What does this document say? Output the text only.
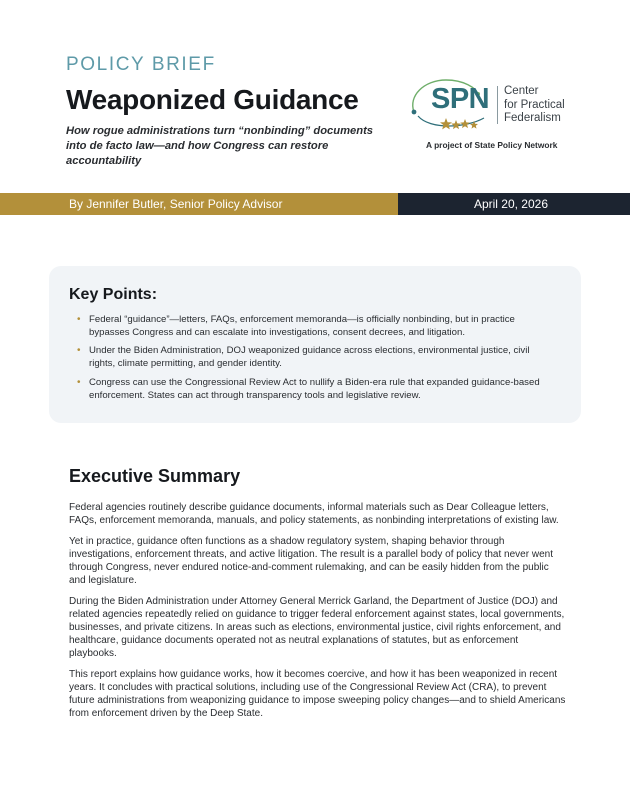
POLICY BRIEF
Weaponized Guidance
How rogue administrations turn “nonbinding” documents into de facto law—and how Congress can restore accountability
SPN Center
for Practical
Federalism
A project of State Policy Network
By Jennifer Butler, Senior Policy Advisor	April 20, 2026
Key Points:
• Federal “guidance”—letters, FAQs, enforcement memoranda—is officially nonbinding, but in practice bypasses Congress and can escalate into investigations, consent decrees, and litigation.
• Under the Biden Administration, DOJ weaponized guidance across elections, environmental justice, civil rights, climate permitting, and gender identity.
• Congress can use the Congressional Review Act to nullify a Biden-era rule that expanded guidance-based enforcement. States can act through transparency tools and legislative review.
Executive Summary

Federal agencies routinely describe guidance documents, informal materials such as Dear Colleague letters, FAQs, enforcement memoranda, manuals, and policy statements, as nonbinding interpretations of existing law.

Yet in practice, guidance often functions as a shadow regulatory system, shaping behavior through investigations, enforcement threats, and active litigation. The result is a parallel body of policy that never went through Congress, never endured notice-and-comment rulemaking, and can be easily hidden from the public and legislature.

During the Biden Administration under Attorney General Merrick Garland, the Department of Justice (DOJ) and related agencies repeatedly relied on guidance to trigger federal enforcement against states, local governments, businesses, and private citizens. In areas such as elections, environmental justice, civil rights enforcement, and healthcare, guidance documents operated not as neutral explanations of statutes, but as enforcement playbooks.

This report explains how guidance works, how it becomes coercive, and how it has been weaponized in recent years. It concludes with practical solutions, including use of the Congressional Review Act (CRA), to prevent future administrations from weaponizing guidance to impose sweeping policy changes—and to shield Americans from enforcement driven by the Deep State.
